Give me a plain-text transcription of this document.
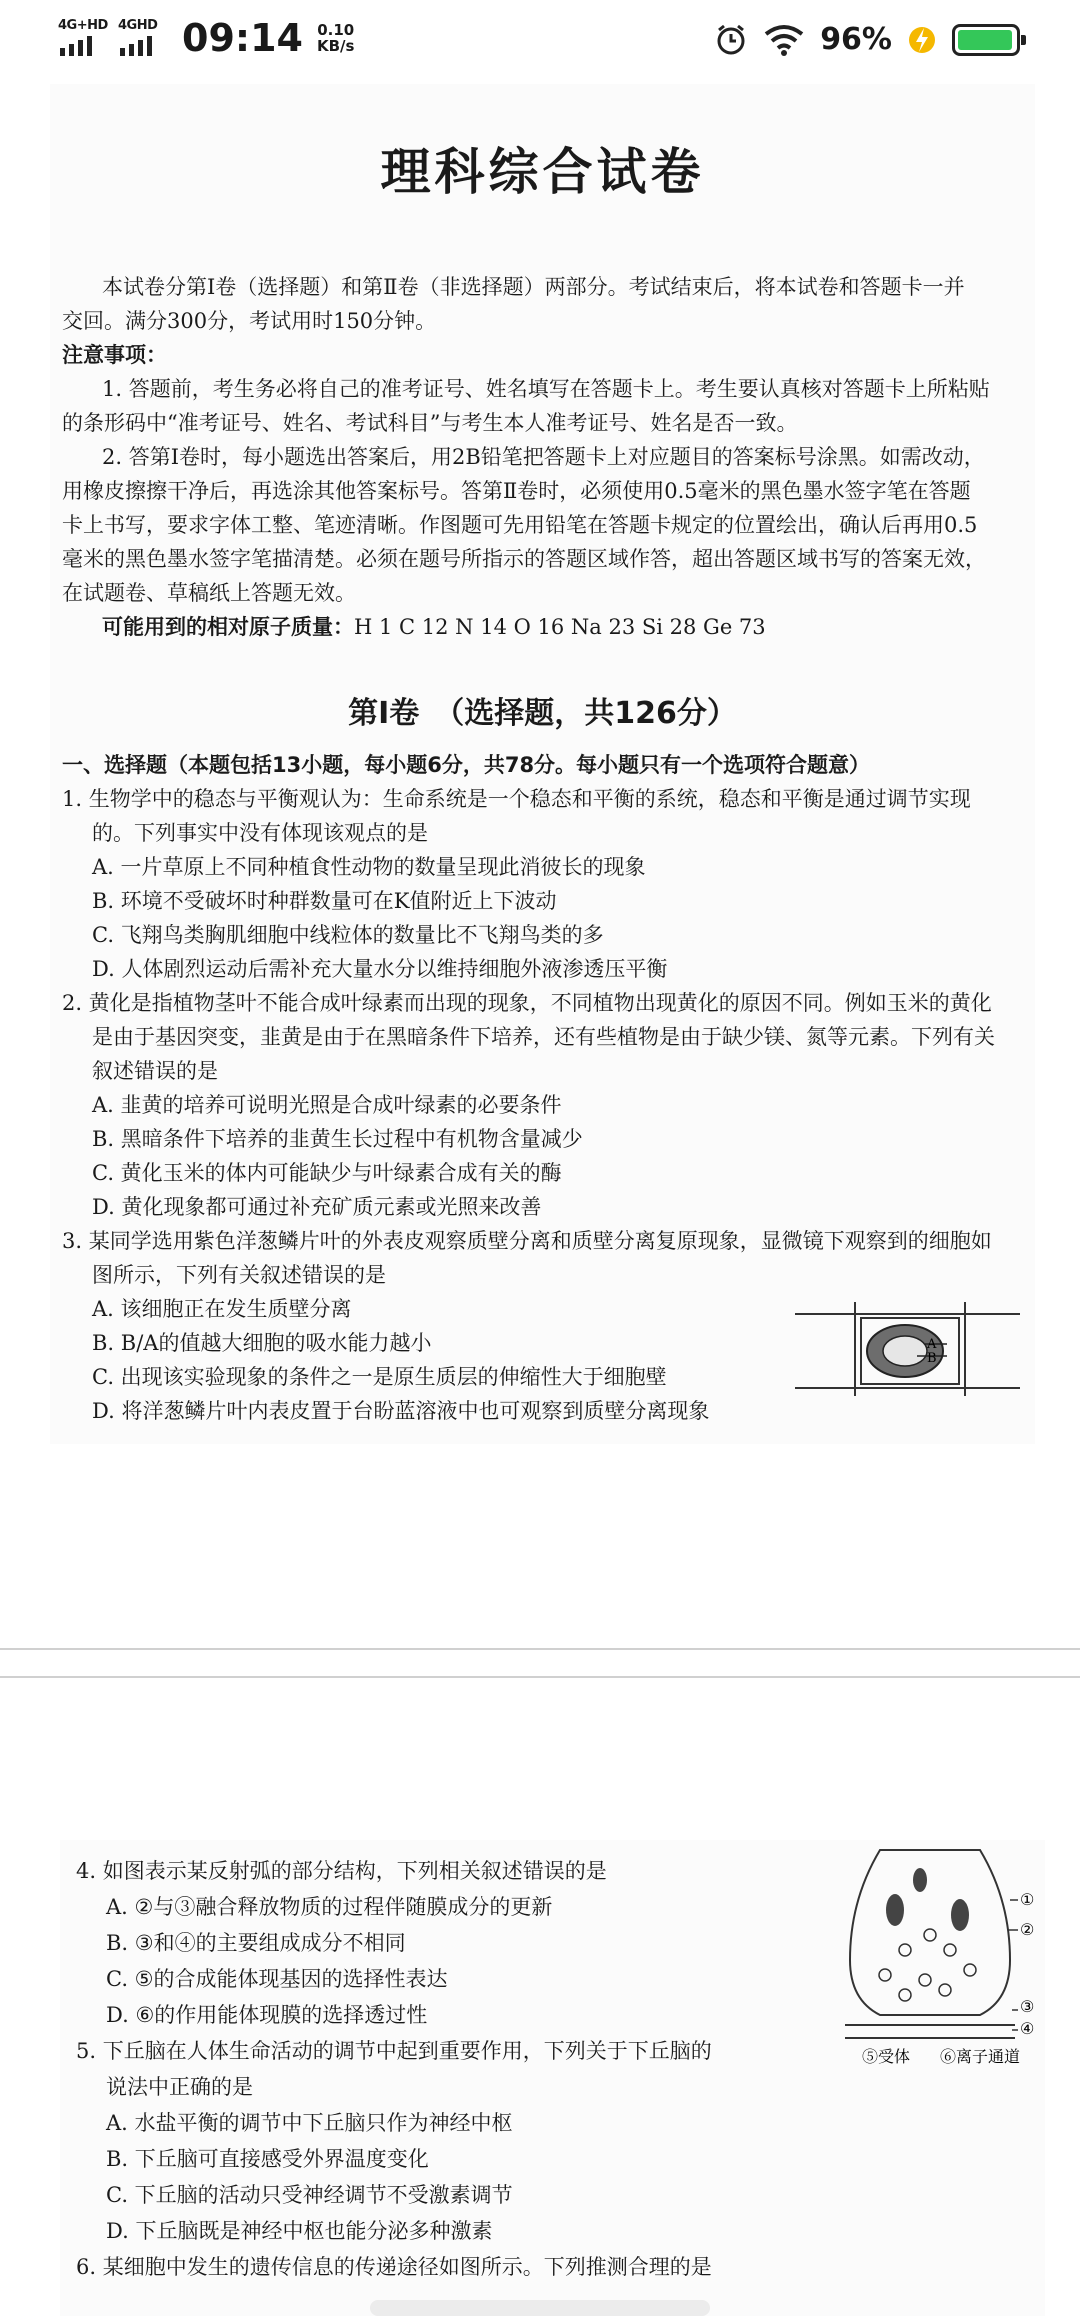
4G+HD 4GHD 09:14 0.10
KB/s	96%
理科综合试卷
本试卷分第Ⅰ卷（选择题）和第Ⅱ卷（非选择题）两部分。考试结束后，将本试卷和答题卡一并
交回。满分300分，考试用时150分钟。
注意事项：
1. 答题前，考生务必将自己的准考证号、姓名填写在答题卡上。考生要认真核对答题卡上所粘贴
的条形码中“准考证号、姓名、考试科目”与考生本人准考证号、姓名是否一致。
2. 答第Ⅰ卷时，每小题选出答案后，用2B铅笔把答题卡上对应题目的答案标号涂黑。如需改动，
用橡皮擦擦干净后，再选涂其他答案标号。答第Ⅱ卷时，必须使用0.5毫米的黑色墨水签字笔在答题
卡上书写，要求字体工整、笔迹清晰。作图题可先用铅笔在答题卡规定的位置绘出，确认后再用0.5
毫米的黑色墨水签字笔描清楚。必须在题号所指示的答题区域作答，超出答题区域书写的答案无效，
在试题卷、草稿纸上答题无效。
可能用到的相对原子质量：H 1 C 12 N 14 O 16 Na 23 Si 28 Ge 73
第Ⅰ卷　（选择题，共126分）
一、选择题（本题包括13小题，每小题6分，共78分。每小题只有一个选项符合题意）
1. 生物学中的稳态与平衡观认为：生命系统是一个稳态和平衡的系统，稳态和平衡是通过调节实现
的。下列事实中没有体现该观点的是
A. 一片草原上不同种植食性动物的数量呈现此消彼长的现象
B. 环境不受破坏时种群数量可在K值附近上下波动
C. 飞翔鸟类胸肌细胞中线粒体的数量比不飞翔鸟类的多
D. 人体剧烈运动后需补充大量水分以维持细胞外液渗透压平衡
2. 黄化是指植物茎叶不能合成叶绿素而出现的现象，不同植物出现黄化的原因不同。例如玉米的黄化
是由于基因突变，韭黄是由于在黑暗条件下培养，还有些植物是由于缺少镁、氮等元素。下列有关
叙述错误的是
A. 韭黄的培养可说明光照是合成叶绿素的必要条件
B. 黑暗条件下培养的韭黄生长过程中有机物含量减少
C. 黄化玉米的体内可能缺少与叶绿素合成有关的酶
D. 黄化现象都可通过补充矿质元素或光照来改善
3. 某同学选用紫色洋葱鳞片叶的外表皮观察质壁分离和质壁分离复原现象，显微镜下观察到的细胞如
图所示，下列有关叙述错误的是
A. 该细胞正在发生质壁分离
B. B/A的值越大细胞的吸水能力越小
C. 出现该实验现象的条件之一是原生质层的伸缩性大于细胞壁
D. 将洋葱鳞片叶内表皮置于台盼蓝溶液中也可观察到质壁分离现象
A
B
4. 如图表示某反射弧的部分结构，下列相关叙述错误的是
A. ②与③融合释放物质的过程伴随膜成分的更新
B. ③和④的主要组成成分不相同
C. ⑤的合成能体现基因的选择性表达
D. ⑥的作用能体现膜的选择透过性
5. 下丘脑在人体生命活动的调节中起到重要作用，下列关于下丘脑的
说法中正确的是
A. 水盐平衡的调节中下丘脑只作为神经中枢
B. 下丘脑可直接感受外界温度变化
C. 下丘脑的活动只受神经调节不受激素调节
D. 下丘脑既是神经中枢也能分泌多种激素
6. 某细胞中发生的遗传信息的传递途径如图所示。下列推测合理的是
①
②
③
④
⑤受体 ⑥离子通道
